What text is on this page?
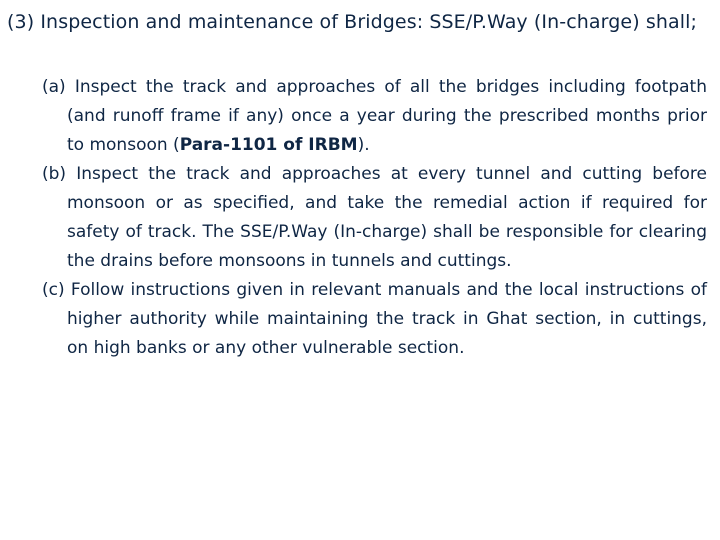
(3) Inspection and maintenance of Bridges: SSE/P.Way (In-charge) shall;

(a) Inspect the track and approaches of all the bridges including footpath (and runoff frame if any) once a year during the prescribed months prior to monsoon (Para-1101 of IRBM).

(b) Inspect the track and approaches at every tunnel and cutting before monsoon or as specified, and take the remedial action if required for safety of track. The SSE/P.Way (In-charge) shall be responsible for clearing the drains before monsoons in tunnels and cuttings.

(c) Follow instructions given in relevant manuals and the local instructions of higher authority while maintaining the track in Ghat section, in cuttings, on high banks or any other vulnerable section.
